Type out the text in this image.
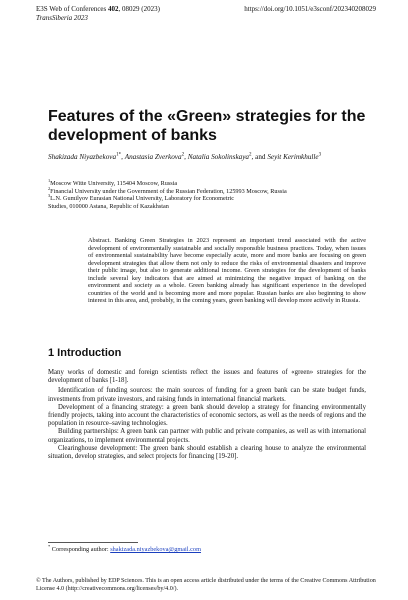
E3S Web of Conferences 402, 08029 (2023)	https://doi.org/10.1051/e3sconf/202340208029
TransSiberia 2023
Features of the «Green» strategies for the development of banks
Shakizada Niyazbekova$^{1*}$, Anastasia Zverkova$^2$, Natalia Sokolinskaya$^2$, and Seyit Kerimkhulle$^3$

$^1$Moscow Witte University, 115404 Moscow, Russia

$^2$Financial University under the Government of the Russian Federation, 125993 Moscow, Russia

$^3$L.N. Gumilyov Eurasian National University, Laboratory for Econometric

Studies, 010000 Astana, Republic of Kazakhstan

Abstract. Banking Green Strategies in 2023 represent an important trend associated with the active development of environmentally sustainable and socially responsible business practices. Today, when issues of environmental sustainability have become especially acute, more and more banks are focusing on green development strategies that allow them not only to reduce the risks of environmental disasters and improve their public image, but also to generate additional income. Green strategies for the development of banks include several key indicators that are aimed at minimizing the negative impact of banking on the environment and society as a whole. Green banking already has significant experience in the developed countries of the world and is becoming more and more popular. Russian banks are also beginning to show interest in this area, and, probably, in the coming years, green banking will develop more actively in Russia.

1 Introduction

Many works of domestic and foreign scientists reflect the issues and features of «green» strategies for the development of banks [1-18].

Identification of funding sources: the main sources of funding for a green bank can be state budget funds, investments from private investors, and raising funds in international financial markets.

Development of a financing strategy: a green bank should develop a strategy for financing environmentally friendly projects, taking into account the characteristics of economic sectors, as well as the needs of regions and the population in resource–saving technologies.

Building partnerships: A green bank can partner with public and private companies, as well as with international organizations, to implement environmental projects.

Clearinghouse development: The green bank should establish a clearing house to analyze the environmental situation, develop strategies, and select projects for financing [19-20].

* Corresponding author: shakizada.niyazbekova@gmail.com
© The Authors, published by EDP Sciences. This is an open access article distributed under the terms of the Creative Commons Attribution License 4.0 (http://creativecommons.org/licenses/by/4.0/).
